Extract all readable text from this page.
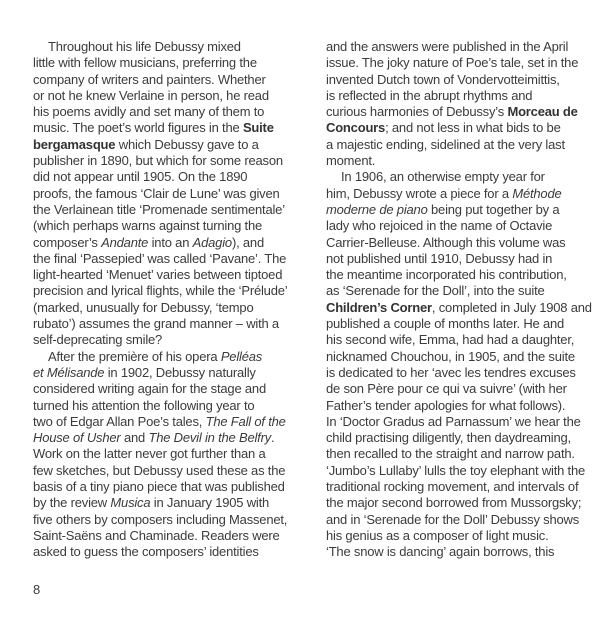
Throughout his life Debussy mixed
little with fellow musicians, preferring the
company of writers and painters. Whether
or not he knew Verlaine in person, he read
his poems avidly and set many of them to
music. The poet’s world figures in the Suite
bergamasque which Debussy gave to a
publisher in 1890, but which for some reason
did not appear until 1905. On the 1890
proofs, the famous ‘Clair de Lune’ was given
the Verlainean title ‘Promenade sentimentale’
(which perhaps warns against turning the
composer’s Andante into an Adagio), and
the final ‘Passepied’ was called ‘Pavane’. The
light-hearted ‘Menuet’ varies between tiptoed
precision and lyrical flights, while the ‘Prélude’
(marked, unusually for Debussy, ‘tempo
rubato’) assumes the grand manner – with a
self-deprecating smile?
After the première of his opera Pelléas
et Mélisande in 1902, Debussy naturally
considered writing again for the stage and
turned his attention the following year to
two of Edgar Allan Poe’s tales, The Fall of the
House of Usher and The Devil in the Belfry.
Work on the latter never got further than a
few sketches, but Debussy used these as the
basis of a tiny piano piece that was published
by the review Musica in January 1905 with
five others by composers including Massenet,
Saint-Saëns and Chaminade. Readers were
asked to guess the composers’ identities
and the answers were published in the April
issue. The joky nature of Poe’s tale, set in the
invented Dutch town of Vondervotteimittis,
is reflected in the abrupt rhythms and
curious harmonies of Debussy’s Morceau de
Concours; and not less in what bids to be
a majestic ending, sidelined at the very last
moment.
In 1906, an otherwise empty year for
him, Debussy wrote a piece for a Méthode
moderne de piano being put together by a
lady who rejoiced in the name of Octavie
Carrier-Belleuse. Although this volume was
not published until 1910, Debussy had in
the meantime incorporated his contribution,
as ‘Serenade for the Doll’, into the suite
Children’s Corner, completed in July 1908 and
published a couple of months later. He and
his second wife, Emma, had had a daughter,
nicknamed Chouchou, in 1905, and the suite
is dedicated to her ‘avec les tendres excuses
de son Père pour ce qui va suivre’ (with her
Father’s tender apologies for what follows).
In ‘Doctor Gradus ad Parnassum’ we hear the
child practising diligently, then daydreaming,
then recalled to the straight and narrow path.
‘Jumbo’s Lullaby’ lulls the toy elephant with the
traditional rocking movement, and intervals of
the major second borrowed from Mussorgsky;
and in ‘Serenade for the Doll’ Debussy shows
his genius as a composer of light music.
‘The snow is dancing’ again borrows, this
8
